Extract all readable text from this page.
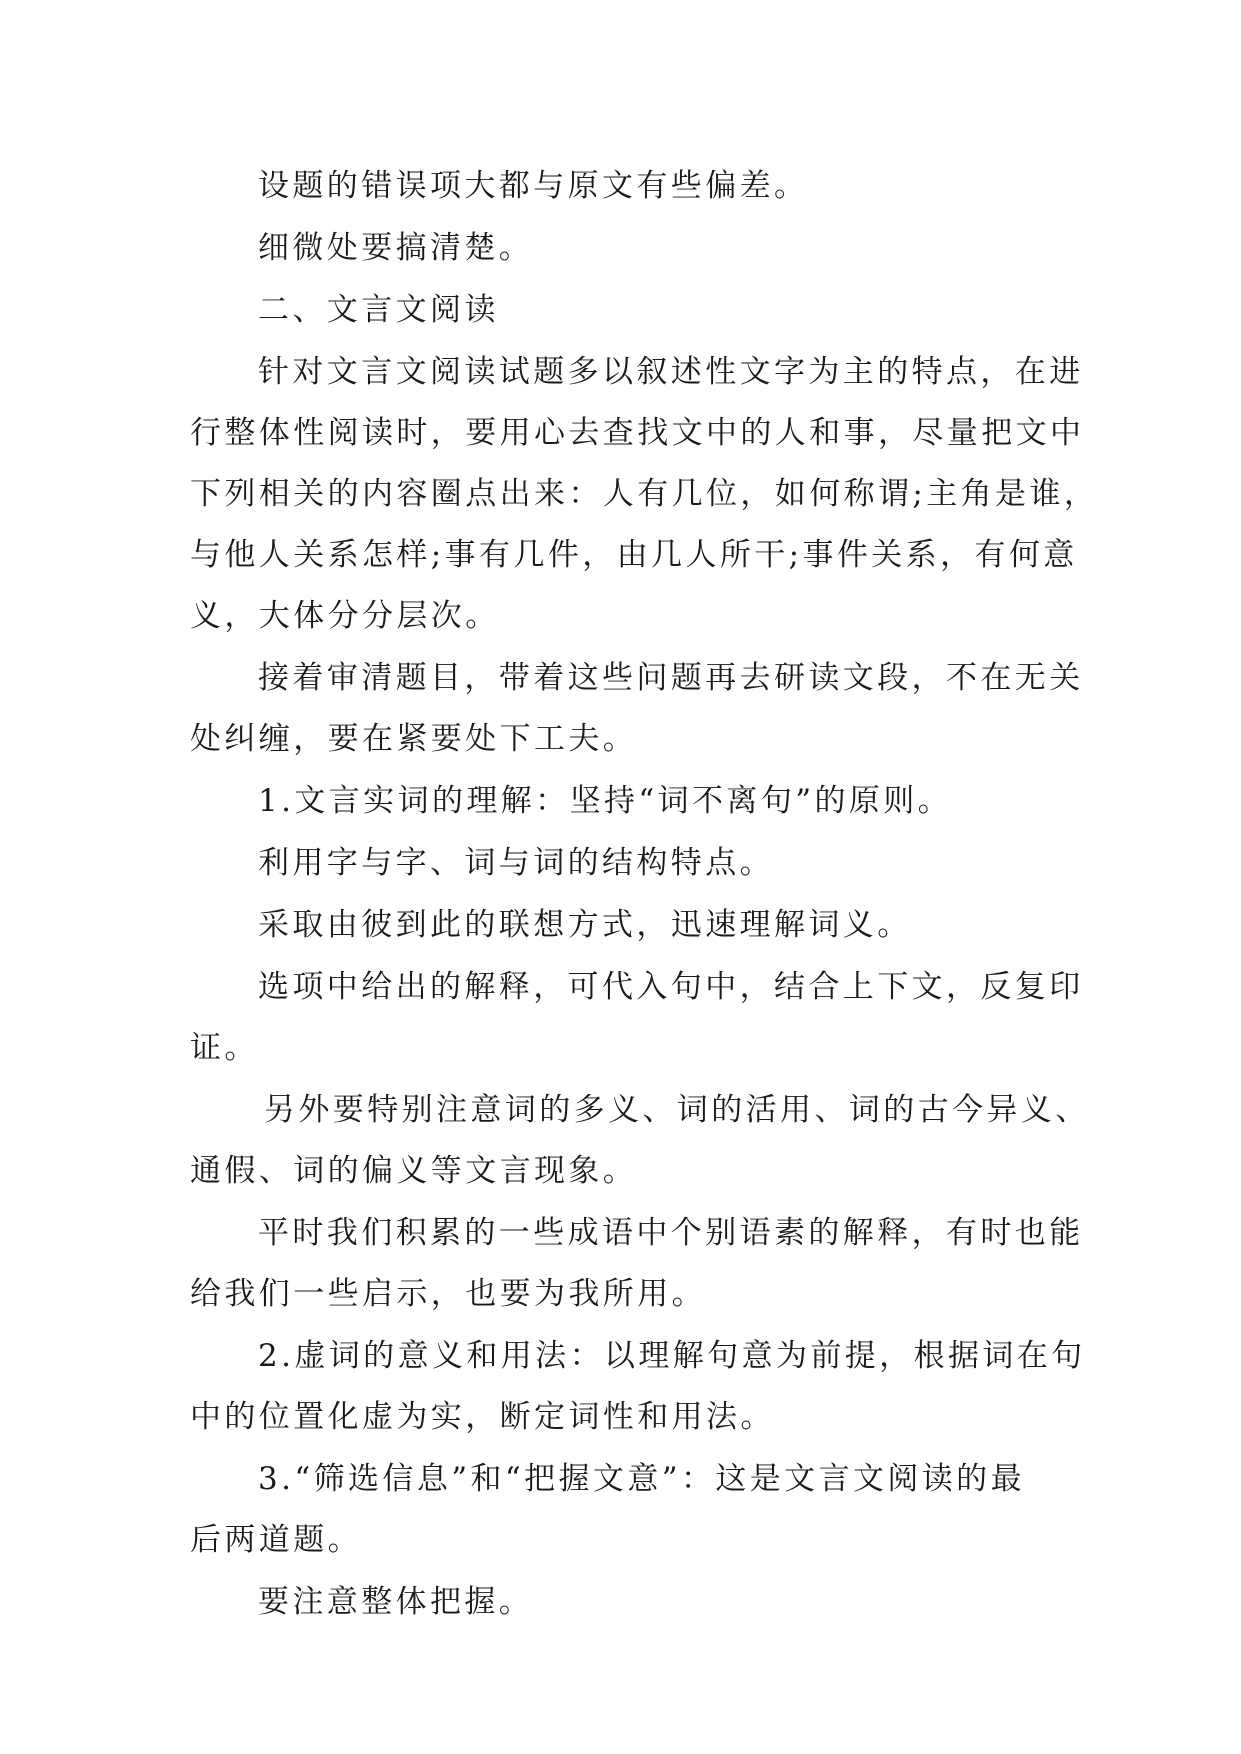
设题的错误项大都与原文有些偏差。
细微处要搞清楚。
二、文言文阅读
针对文言文阅读试题多以叙述性文字为主的特点，在进
行整体性阅读时，要用心去查找文中的人和事，尽量把文中
下列相关的内容圈点出来：人有几位，如何称谓;主角是谁，
与他人关系怎样;事有几件，由几人所干;事件关系，有何意
义，大体分分层次。
接着审清题目，带着这些问题再去研读文段，不在无关
处纠缠，要在紧要处下工夫。
1.文言实词的理解：坚持“词不离句”的原则。
利用字与字、词与词的结构特点。
采取由彼到此的联想方式，迅速理解词义。
选项中给出的解释，可代入句中，结合上下文，反复印
证。
另外要特别注意词的多义、词的活用、词的古今异义、
通假、词的偏义等文言现象。
平时我们积累的一些成语中个别语素的解释，有时也能
给我们一些启示，也要为我所用。
2.虚词的意义和用法：以理解句意为前提，根据词在句
中的位置化虚为实，断定词性和用法。
3.“筛选信息”和“把握文意”：这是文言文阅读的最
后两道题。
要注意整体把握。
